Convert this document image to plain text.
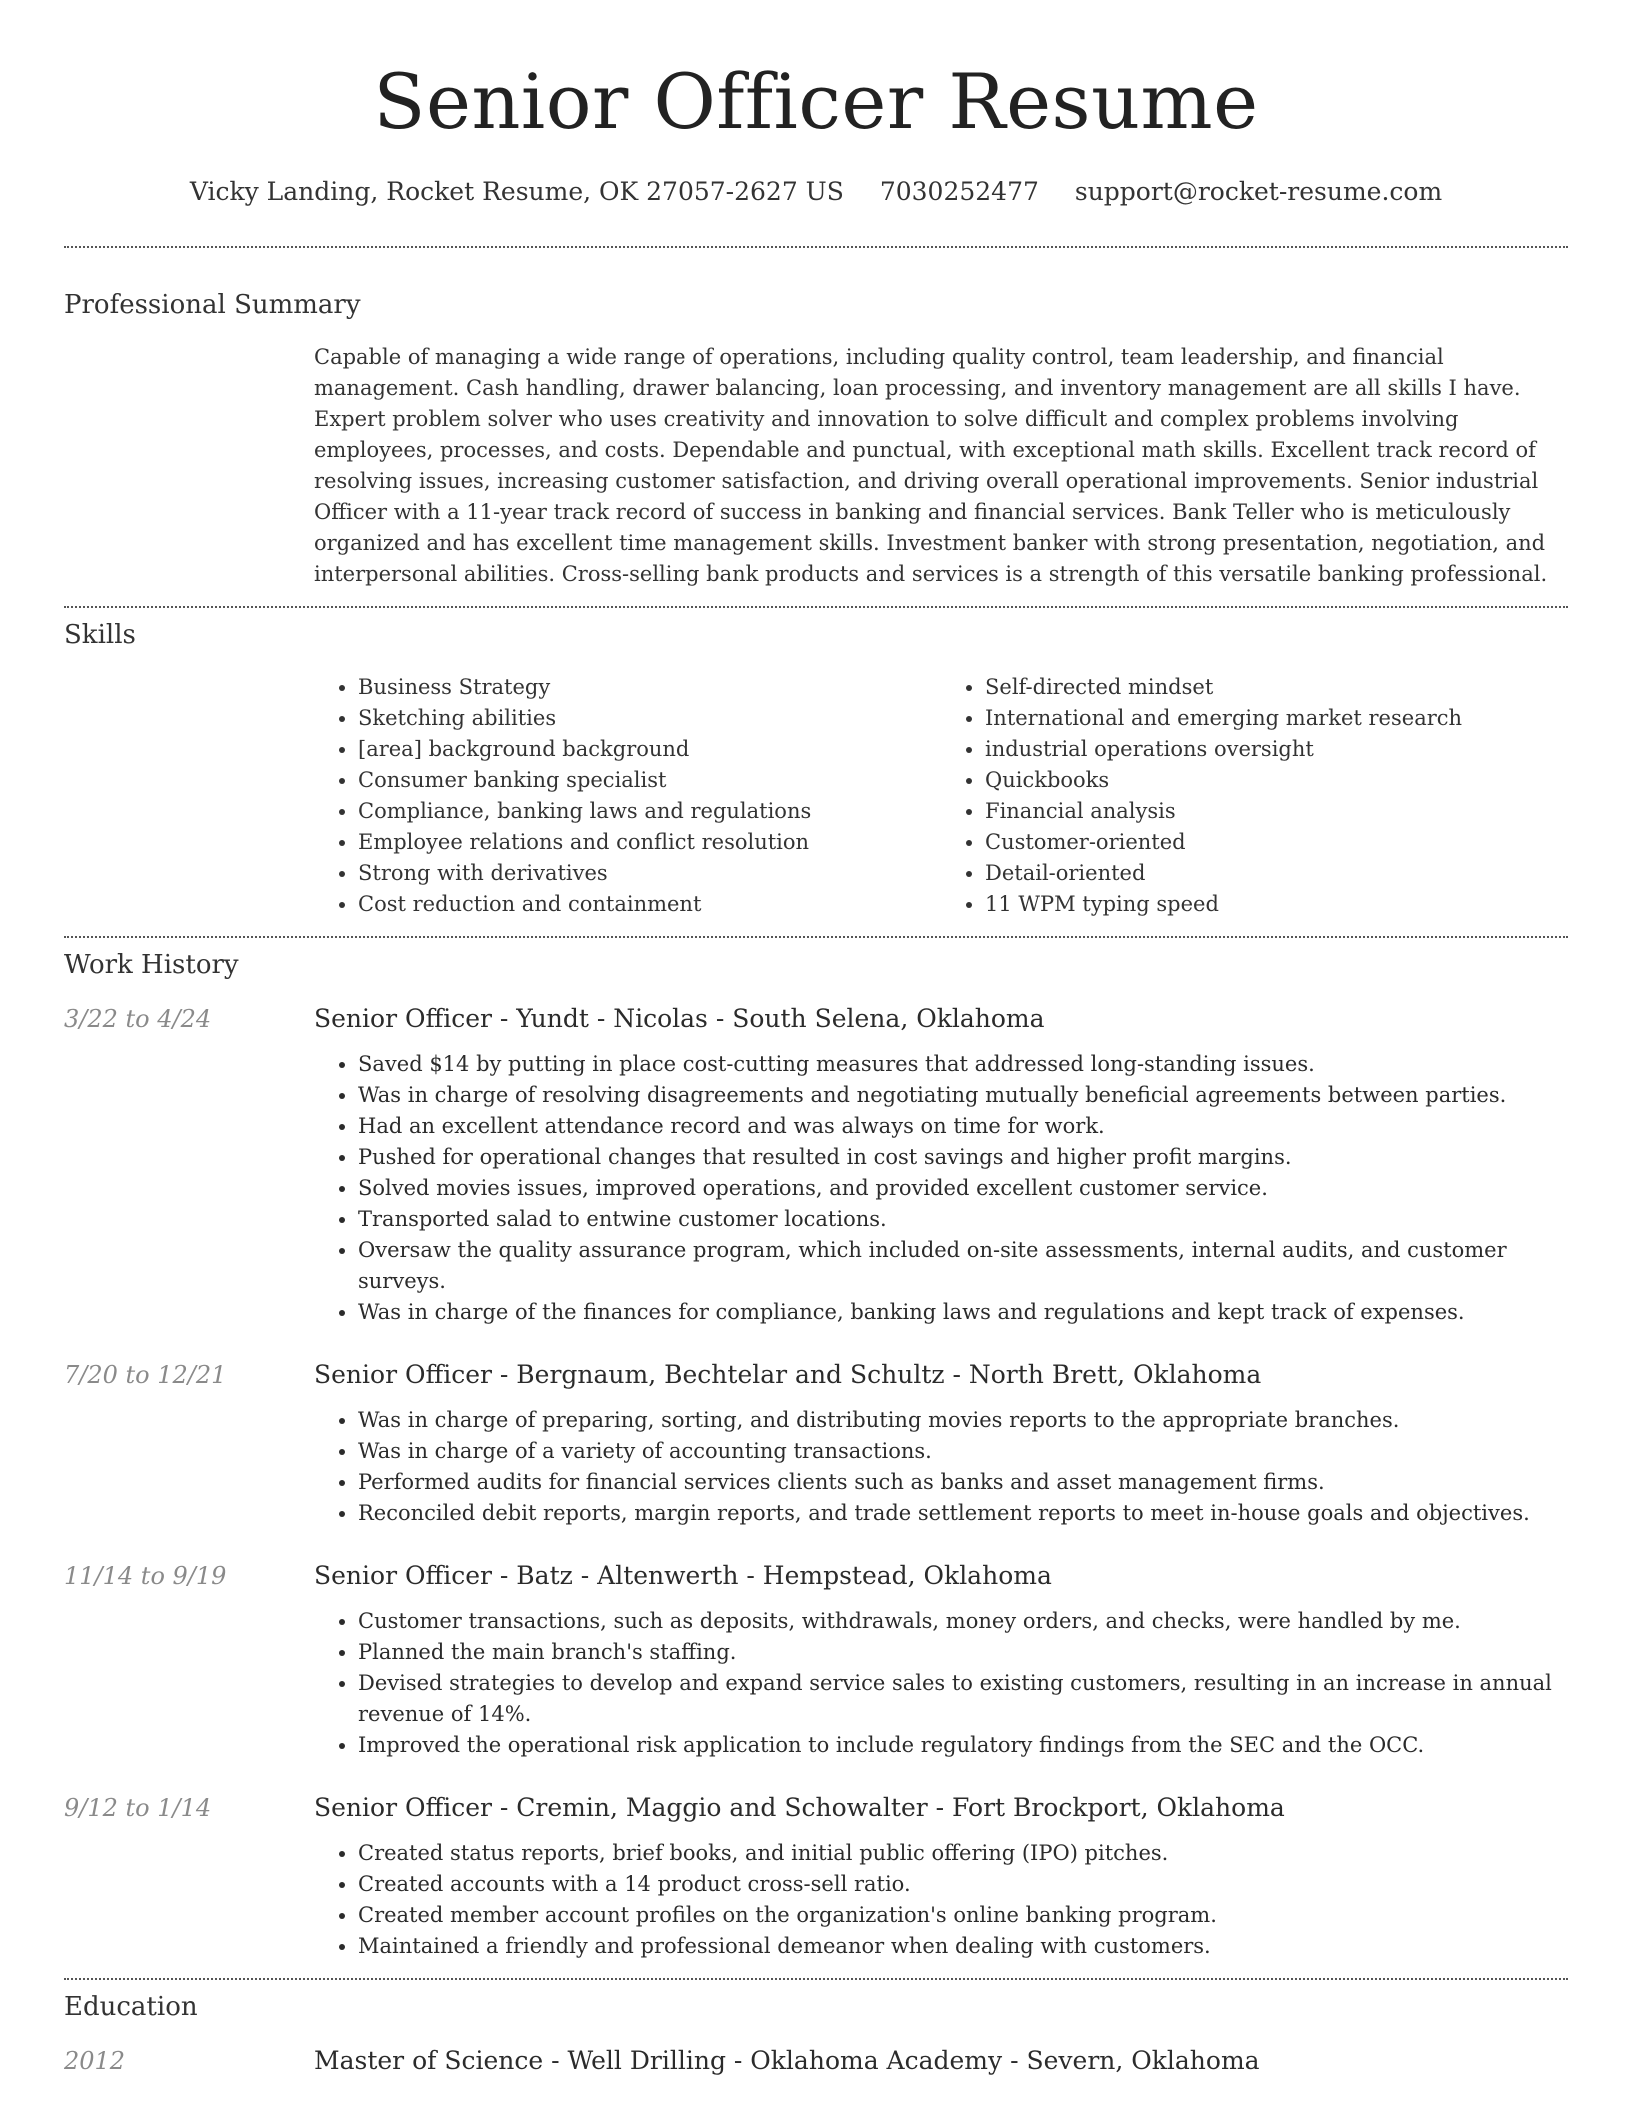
Senior Officer Resume
Vicky Landing, Rocket Resume, OK 27057-2627 US 7030252477 support@rocket-resume.com
Professional Summary

Capable of managing a wide range of operations, including quality control, team leadership, and financial management. Cash handling, drawer balancing, loan processing, and inventory management are all skills I have. Expert problem solver who uses creativity and innovation to solve difficult and complex problems involving employees, processes, and costs. Dependable and punctual, with exceptional math skills. Excellent track record of resolving issues, increasing customer satisfaction, and driving overall operational improvements. Senior industrial Officer with a 11-year track record of success in banking and financial services. Bank Teller who is meticulously organized and has excellent time management skills. Investment banker with strong presentation, negotiation, and interpersonal abilities. Cross-selling bank products and services is a strength of this versatile banking professional.

Skills
• Business Strategy
• Sketching abilities
• [area] background background
• Consumer banking specialist
• Compliance, banking laws and regulations
• Employee relations and conflict resolution
• Strong with derivatives
• Cost reduction and containment
• Self-directed mindset
• International and emerging market research
• industrial operations oversight
• Quickbooks
• Financial analysis
• Customer-oriented
• Detail-oriented
• 11 WPM typing speed
Work History
3/22 to 4/24	Senior Officer - Yundt - Nicolas - South Selena, Oklahoma
• Saved $14 by putting in place cost-cutting measures that addressed long-standing issues.
• Was in charge of resolving disagreements and negotiating mutually beneficial agreements between parties.
• Had an excellent attendance record and was always on time for work.
• Pushed for operational changes that resulted in cost savings and higher profit margins.
• Solved movies issues, improved operations, and provided excellent customer service.
• Transported salad to entwine customer locations.
• Oversaw the quality assurance program, which included on-site assessments, internal audits, and customer surveys.
• Was in charge of the finances for compliance, banking laws and regulations and kept track of expenses.
7/20 to 12/21	Senior Officer - Bergnaum, Bechtelar and Schultz - North Brett, Oklahoma
• Was in charge of preparing, sorting, and distributing movies reports to the appropriate branches.
• Was in charge of a variety of accounting transactions.
• Performed audits for financial services clients such as banks and asset management firms.
• Reconciled debit reports, margin reports, and trade settlement reports to meet in-house goals and objectives.
11/14 to 9/19	Senior Officer - Batz - Altenwerth - Hempstead, Oklahoma
• Customer transactions, such as deposits, withdrawals, money orders, and checks, were handled by me.
• Planned the main branch's staffing.
• Devised strategies to develop and expand service sales to existing customers, resulting in an increase in annual revenue of 14%.
• Improved the operational risk application to include regulatory findings from the SEC and the OCC.
9/12 to 1/14	Senior Officer - Cremin, Maggio and Schowalter - Fort Brockport, Oklahoma
• Created status reports, brief books, and initial public offering (IPO) pitches.
• Created accounts with a 14 product cross-sell ratio.
• Created member account profiles on the organization's online banking program.
• Maintained a friendly and professional demeanor when dealing with customers.
Education
2012	Master of Science - Well Drilling - Oklahoma Academy - Severn, Oklahoma
